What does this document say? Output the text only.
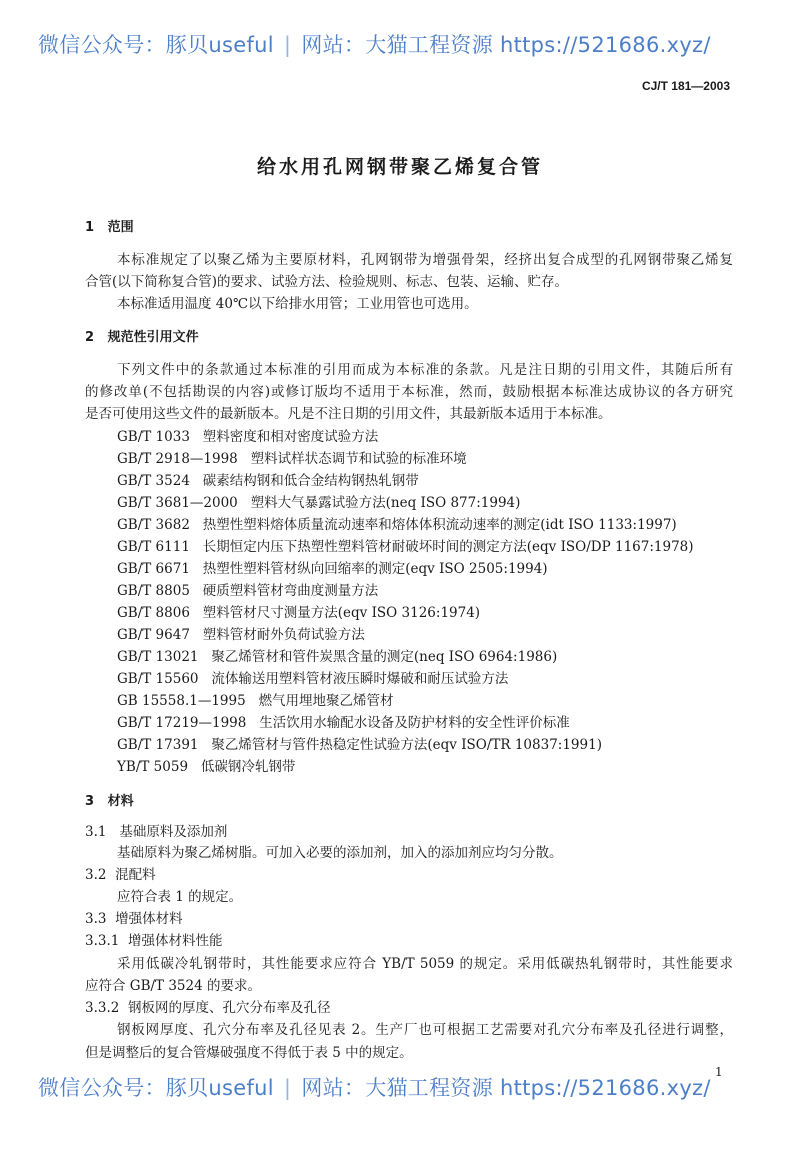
微信公众号：豚贝useful | 网站：大猫工程资源 https://521686.xyz/
CJ/T 181—2003
给水用孔网钢带聚乙烯复合管
1 范围
本标准规定了以聚乙烯为主要原材料，孔网钢带为增强骨架，经挤出复合成型的孔网钢带聚乙烯复
合管(以下简称复合管)的要求、试验方法、检验规则、标志、包装、运输、贮存。
本标准适用温度 40℃以下给排水用管；工业用管也可选用。
2 规范性引用文件
下列文件中的条款通过本标准的引用而成为本标准的条款。凡是注日期的引用文件，其随后所有
的修改单(不包括勘误的内容)或修订版均不适用于本标准，然而，鼓励根据本标准达成协议的各方研究
是否可使用这些文件的最新版本。凡是不注日期的引用文件，其最新版本适用于本标准。
GB/T 1033 塑料密度和相对密度试验方法
GB/T 2918—1998 塑料试样状态调节和试验的标准环境
GB/T 3524 碳素结构钢和低合金结构钢热轧钢带
GB/T 3681—2000 塑料大气暴露试验方法(neq ISO 877:1994)
GB/T 3682 热塑性塑料熔体质量流动速率和熔体体积流动速率的测定(idt ISO 1133:1997)
GB/T 6111 长期恒定内压下热塑性塑料管材耐破坏时间的测定方法(eqv ISO/DP 1167:1978)
GB/T 6671 热塑性塑料管材纵向回缩率的测定(eqv ISO 2505:1994)
GB/T 8805 硬质塑料管材弯曲度测量方法
GB/T 8806 塑料管材尺寸测量方法(eqv ISO 3126:1974)
GB/T 9647 塑料管材耐外负荷试验方法
GB/T 13021 聚乙烯管材和管件炭黑含量的测定(neq ISO 6964:1986)
GB/T 15560 流体输送用塑料管材液压瞬时爆破和耐压试验方法
GB 15558.1—1995 燃气用埋地聚乙烯管材
GB/T 17219—1998 生活饮用水输配水设备及防护材料的安全性评价标准
GB/T 17391 聚乙烯管材与管件热稳定性试验方法(eqv ISO/TR 10837:1991)
YB/T 5059 低碳钢冷轧钢带
3 材料
3.1 基础原料及添加剂
基础原料为聚乙烯树脂。可加入必要的添加剂，加入的添加剂应均匀分散。
3.2 混配料
应符合表 1 的规定。
3.3 增强体材料
3.3.1 增强体材料性能
采用低碳冷轧钢带时，其性能要求应符合 YB/T 5059 的规定。采用低碳热轧钢带时，其性能要求
应符合 GB/T 3524 的要求。
3.3.2 钢板网的厚度、孔穴分布率及孔径
钢板网厚度、孔穴分布率及孔径见表 2。生产厂也可根据工艺需要对孔穴分布率及孔径进行调整，
但是调整后的复合管爆破强度不得低于表 5 中的规定。
1
微信公众号：豚贝useful | 网站：大猫工程资源 https://521686.xyz/
